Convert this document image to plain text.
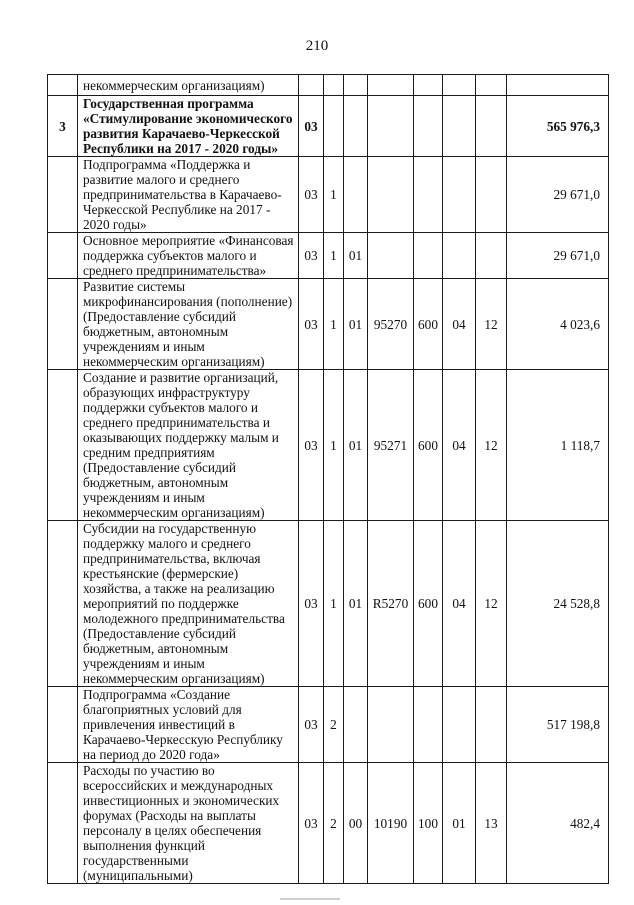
210
	некоммерческим организациям)								
3	Государственная программа «Стимулирование экономического развития Карачаево-Черкесской Республики на 2017 - 2020 годы»	03							565 976,3
	Подпрограмма «Поддержка и развитие малого и среднего предпринимательства в Карачаево-Черкесской Республике на 2017 - 2020 годы»	03	1						29 671,0
	Основное мероприятие «Финансовая поддержка субъектов малого и среднего предпринимательства»	03	1	01					29 671,0
	Развитие системы микрофинансирования (пополнение) (Предоставление субсидий бюджетным, автономным учреждениям и иным некоммерческим организациям)	03	1	01	95270	600	04	12	4 023,6
	Создание и развитие организаций, образующих инфраструктуру поддержки субъектов малого и среднего предпринимательства и оказывающих поддержку малым и средним предприятиям (Предоставление субсидий бюджетным, автономным учреждениям и иным некоммерческим организациям)	03	1	01	95271	600	04	12	1 118,7
	Субсидии на государственную поддержку малого и среднего предпринимательства, включая крестьянские (фермерские) хозяйства, а также на реализацию мероприятий по поддержке молодежного предпринимательства (Предоставление субсидий бюджетным, автономным учреждениям и иным некоммерческим организациям)	03	1	01	R5270	600	04	12	24 528,8
	Подпрограмма «Создание благоприятных условий для привлечения инвестиций в Карачаево-Черкесскую Республику на период до 2020 года»	03	2						517 198,8
	Расходы по участию во всероссийских и международных инвестиционных и экономических форумах (Расходы на выплаты персоналу в целях обеспечения выполнения функций государственными (муниципальными)	03	2	00	10190	100	01	13	482,4
